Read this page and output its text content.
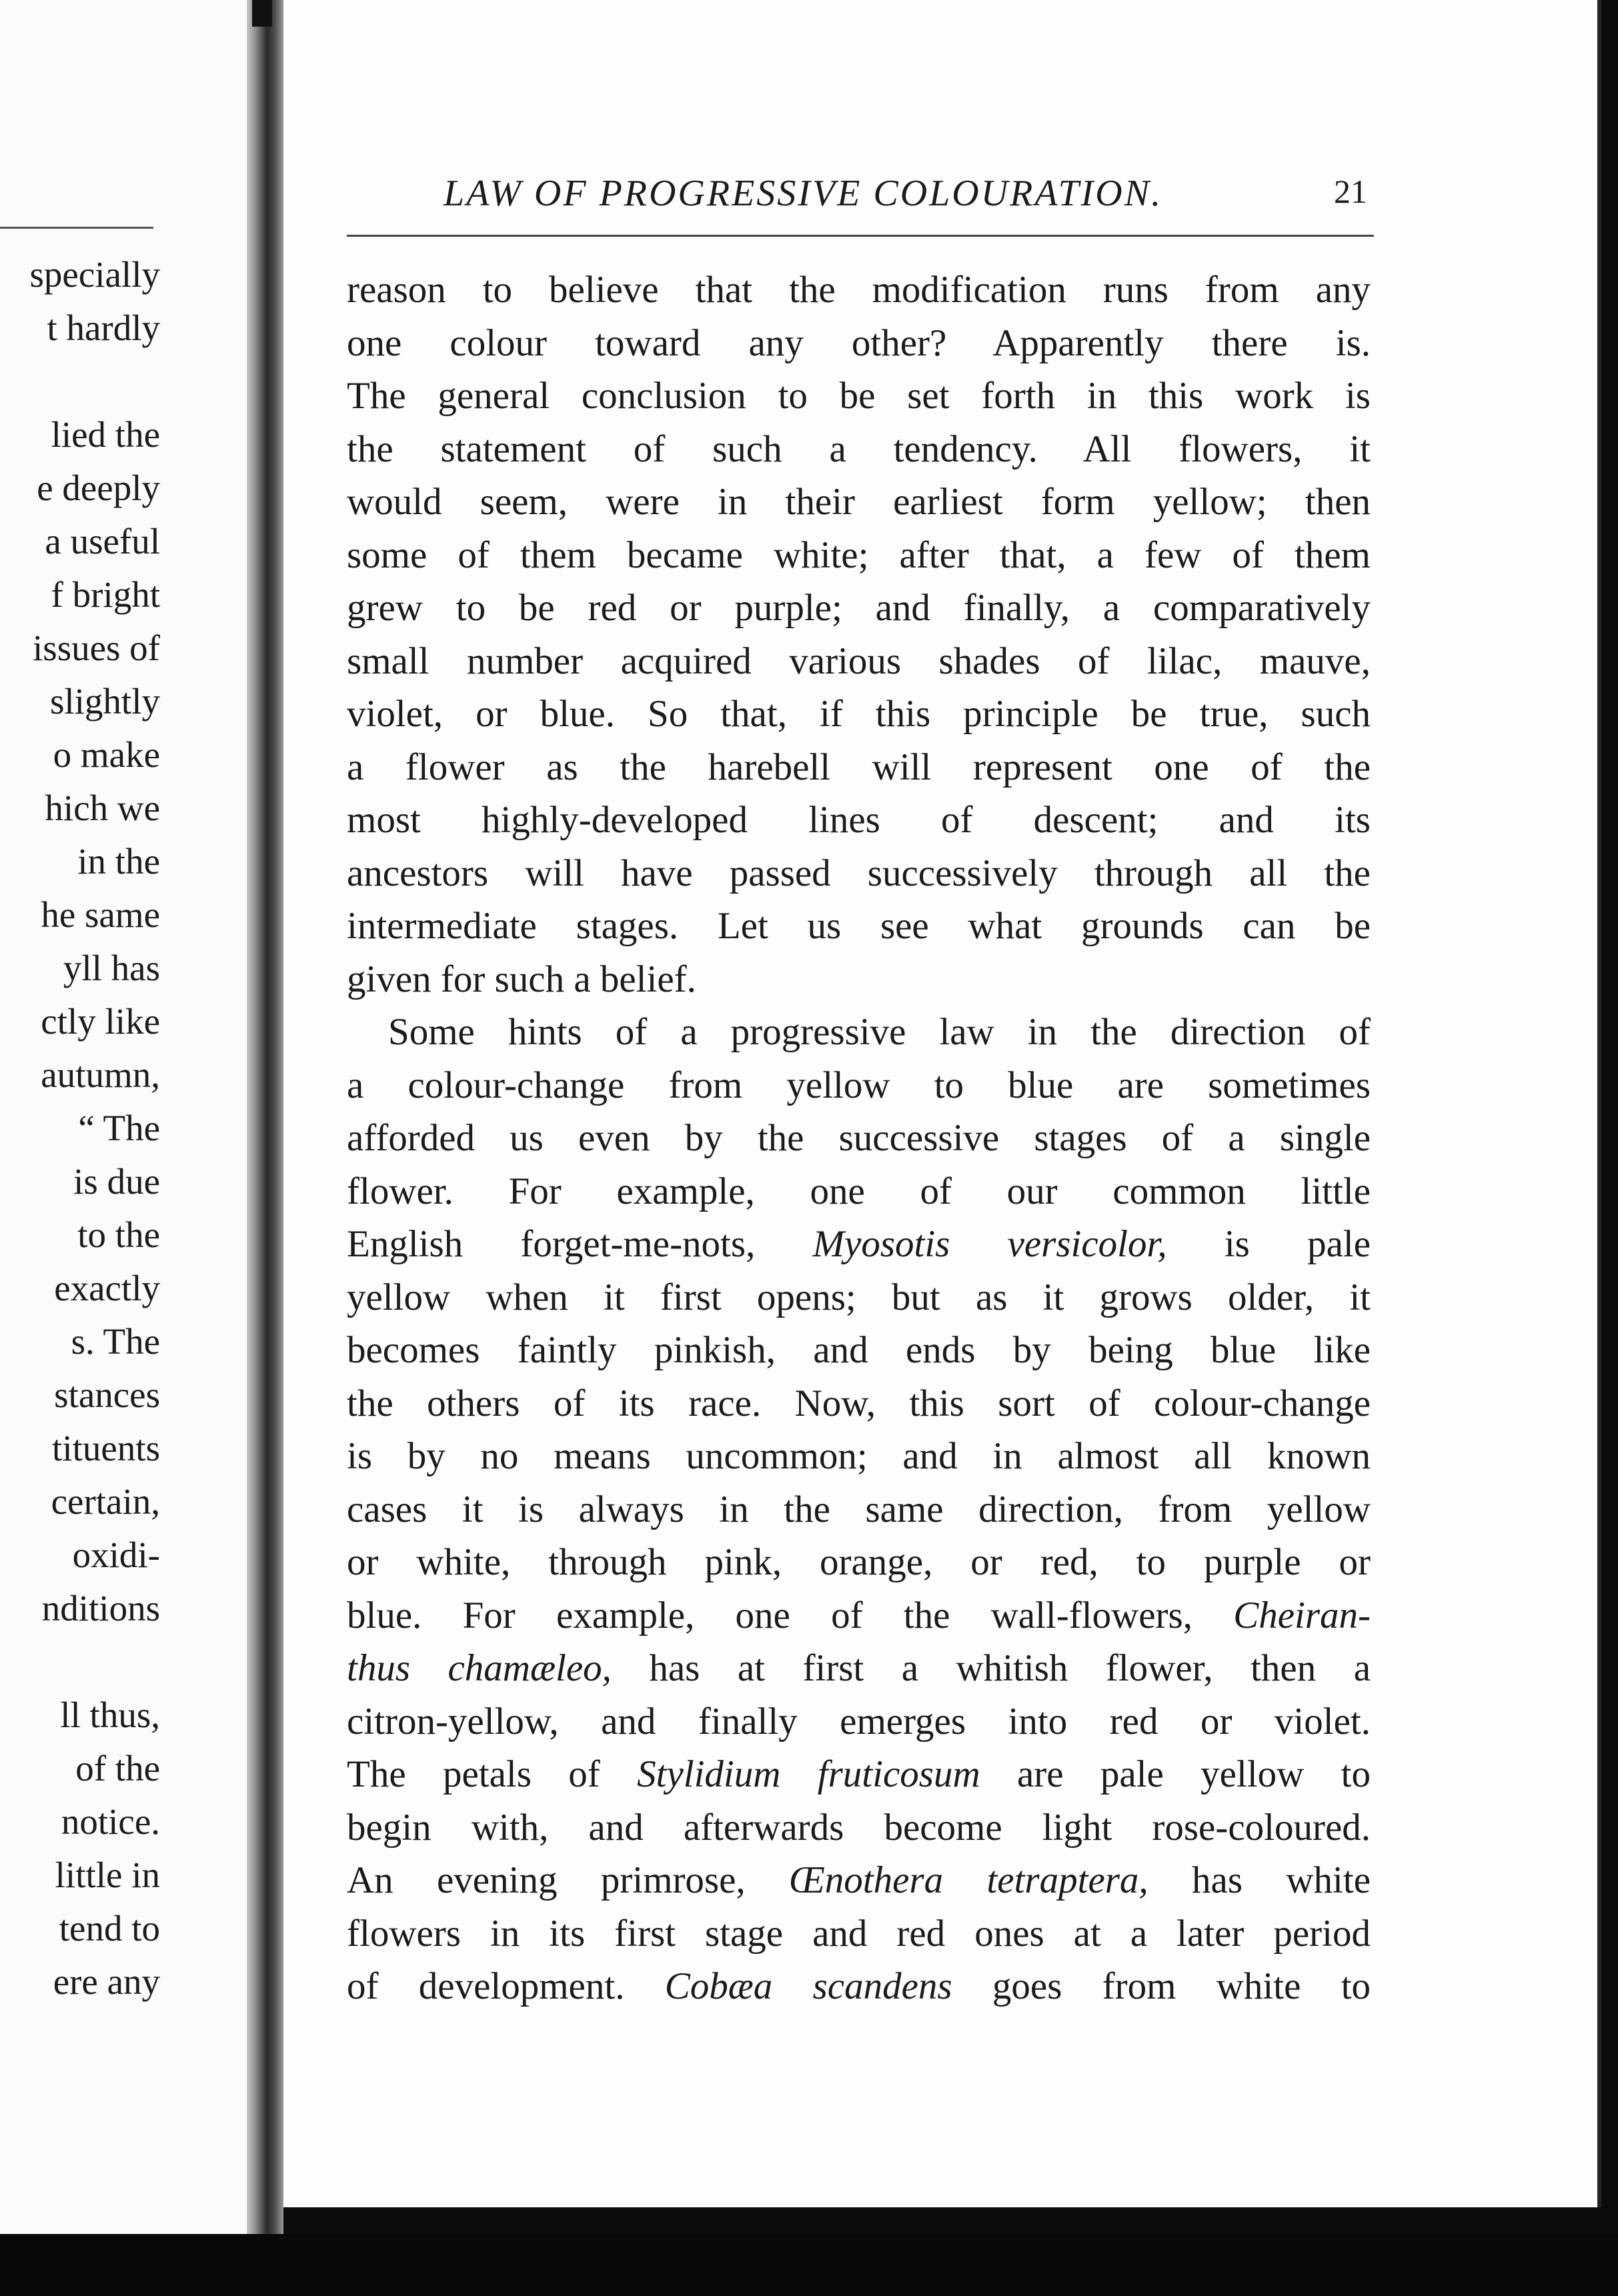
specially
t hardly
lied the
e deeply
a useful
f bright
issues of
slightly
o make
hich we
in the
he same
yll has
ctly like
autumn,
“ The
is due
to the
exactly
s. The
stances
tituents
certain,
oxidi-
nditions
ll thus,
of the
notice.
little in
tend to
ere any
LAW OF PROGRESSIVE COLOURATION.	21
reason to believe that the modification runs from any
one colour toward any other? Apparently there is.
The general conclusion to be set forth in this work is
the statement of such a tendency. All flowers, it
would seem, were in their earliest form yellow; then
some of them became white; after that, a few of them
grew to be red or purple; and finally, a comparatively
small number acquired various shades of lilac, mauve,
violet, or blue. So that, if this principle be true, such
a flower as the harebell will represent one of the
most highly-developed lines of descent; and its
ancestors will have passed successively through all the
intermediate stages. Let us see what grounds can be
given for such a belief.
Some hints of a progressive law in the direction of
a colour-change from yellow to blue are sometimes
afforded us even by the successive stages of a single
flower. For example, one of our common little
English forget-me-nots, Myosotis versicolor, is pale
yellow when it first opens; but as it grows older, it
becomes faintly pinkish, and ends by being blue like
the others of its race. Now, this sort of colour-change
is by no means uncommon; and in almost all known
cases it is always in the same direction, from yellow
or white, through pink, orange, or red, to purple or
blue. For example, one of the wall-flowers, Cheiran-
thus chamæleo, has at first a whitish flower, then a
citron-yellow, and finally emerges into red or violet.
The petals of Stylidium fruticosum are pale yellow to
begin with, and afterwards become light rose-coloured.
An evening primrose, Œnothera tetraptera, has white
flowers in its first stage and red ones at a later period
of development. Cobæa scandens goes from white to
